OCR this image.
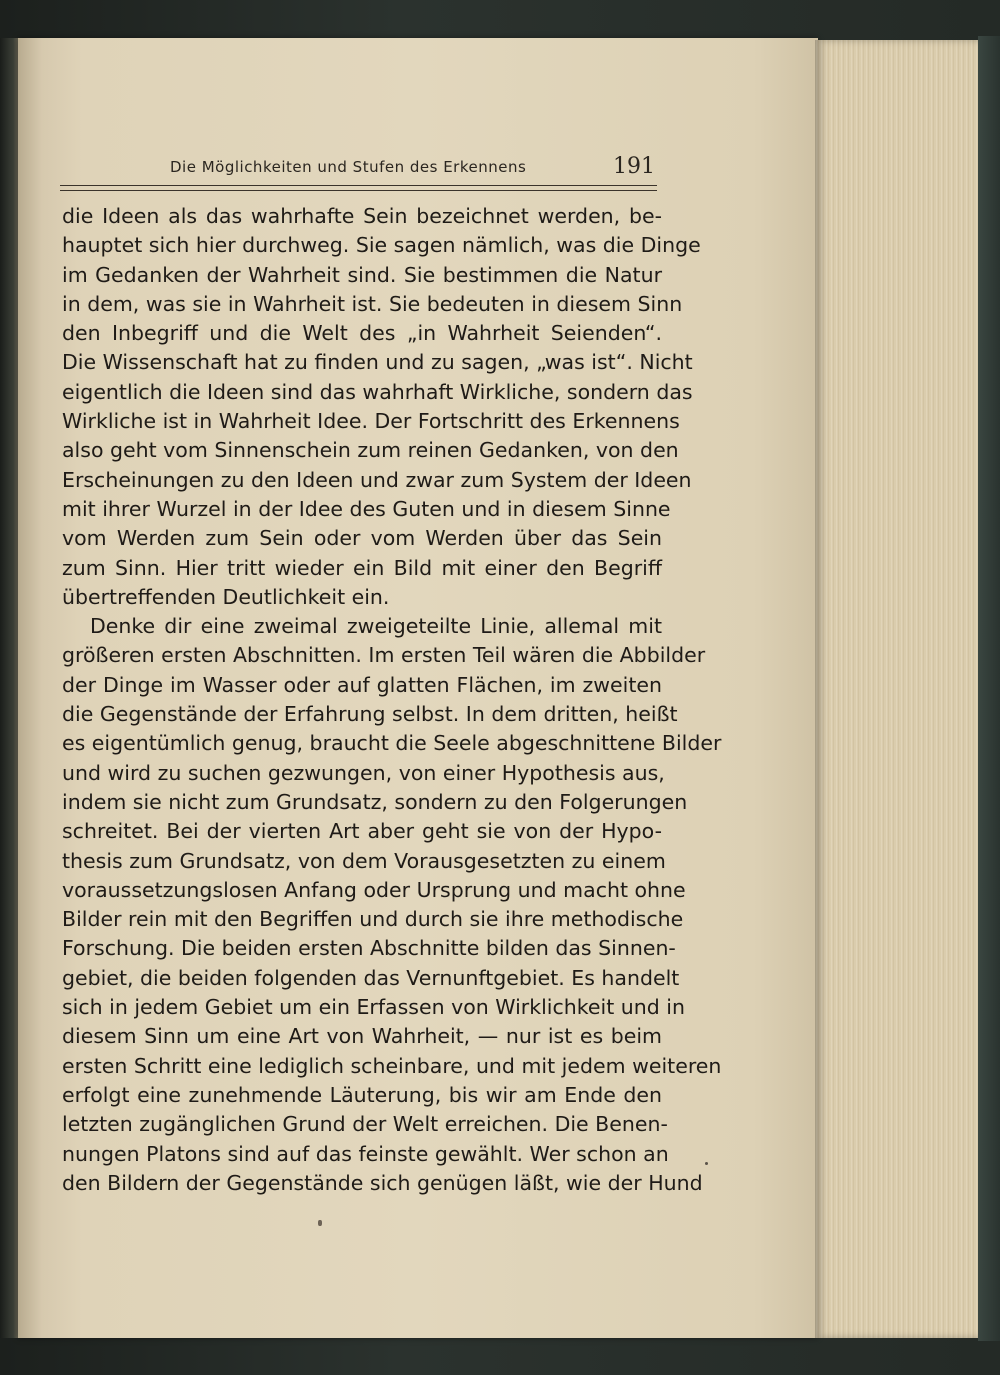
Die Möglichkeiten und Stufen des Erkennens	191
die Ideen als das wahrhafte Sein bezeichnet werden, be-
hauptet sich hier durchweg. Sie sagen nämlich, was die Dinge
im Gedanken der Wahrheit sind. Sie bestimmen die Natur
in dem, was sie in Wahrheit ist. Sie bedeuten in diesem Sinn
den Inbegriff und die Welt des „in Wahrheit Seienden“.
Die Wissenschaft hat zu finden und zu sagen, „was ist“. Nicht
eigentlich die Ideen sind das wahrhaft Wirkliche, sondern das
Wirkliche ist in Wahrheit Idee. Der Fortschritt des Erkennens
also geht vom Sinnenschein zum reinen Gedanken, von den
Erscheinungen zu den Ideen und zwar zum System der Ideen
mit ihrer Wurzel in der Idee des Guten und in diesem Sinne
vom Werden zum Sein oder vom Werden über das Sein
zum Sinn. Hier tritt wieder ein Bild mit einer den Begriff
übertreffenden Deutlichkeit ein.
Denke dir eine zweimal zweigeteilte Linie, allemal mit
größeren ersten Abschnitten. Im ersten Teil wären die Abbilder
der Dinge im Wasser oder auf glatten Flächen, im zweiten
die Gegenstände der Erfahrung selbst. In dem dritten, heißt
es eigentümlich genug, braucht die Seele abgeschnittene Bilder
und wird zu suchen gezwungen, von einer Hypothesis aus,
indem sie nicht zum Grundsatz, sondern zu den Folgerungen
schreitet. Bei der vierten Art aber geht sie von der Hypo-
thesis zum Grundsatz, von dem Vorausgesetzten zu einem
voraussetzungslosen Anfang oder Ursprung und macht ohne
Bilder rein mit den Begriffen und durch sie ihre methodische
Forschung. Die beiden ersten Abschnitte bilden das Sinnen-
gebiet, die beiden folgenden das Vernunftgebiet. Es handelt
sich in jedem Gebiet um ein Erfassen von Wirklichkeit und in
diesem Sinn um eine Art von Wahrheit, — nur ist es beim
ersten Schritt eine lediglich scheinbare, und mit jedem weiteren
erfolgt eine zunehmende Läuterung, bis wir am Ende den
letzten zugänglichen Grund der Welt erreichen. Die Benen-
nungen Platons sind auf das feinste gewählt. Wer schon an
den Bildern der Gegenstände sich genügen läßt, wie der Hund
